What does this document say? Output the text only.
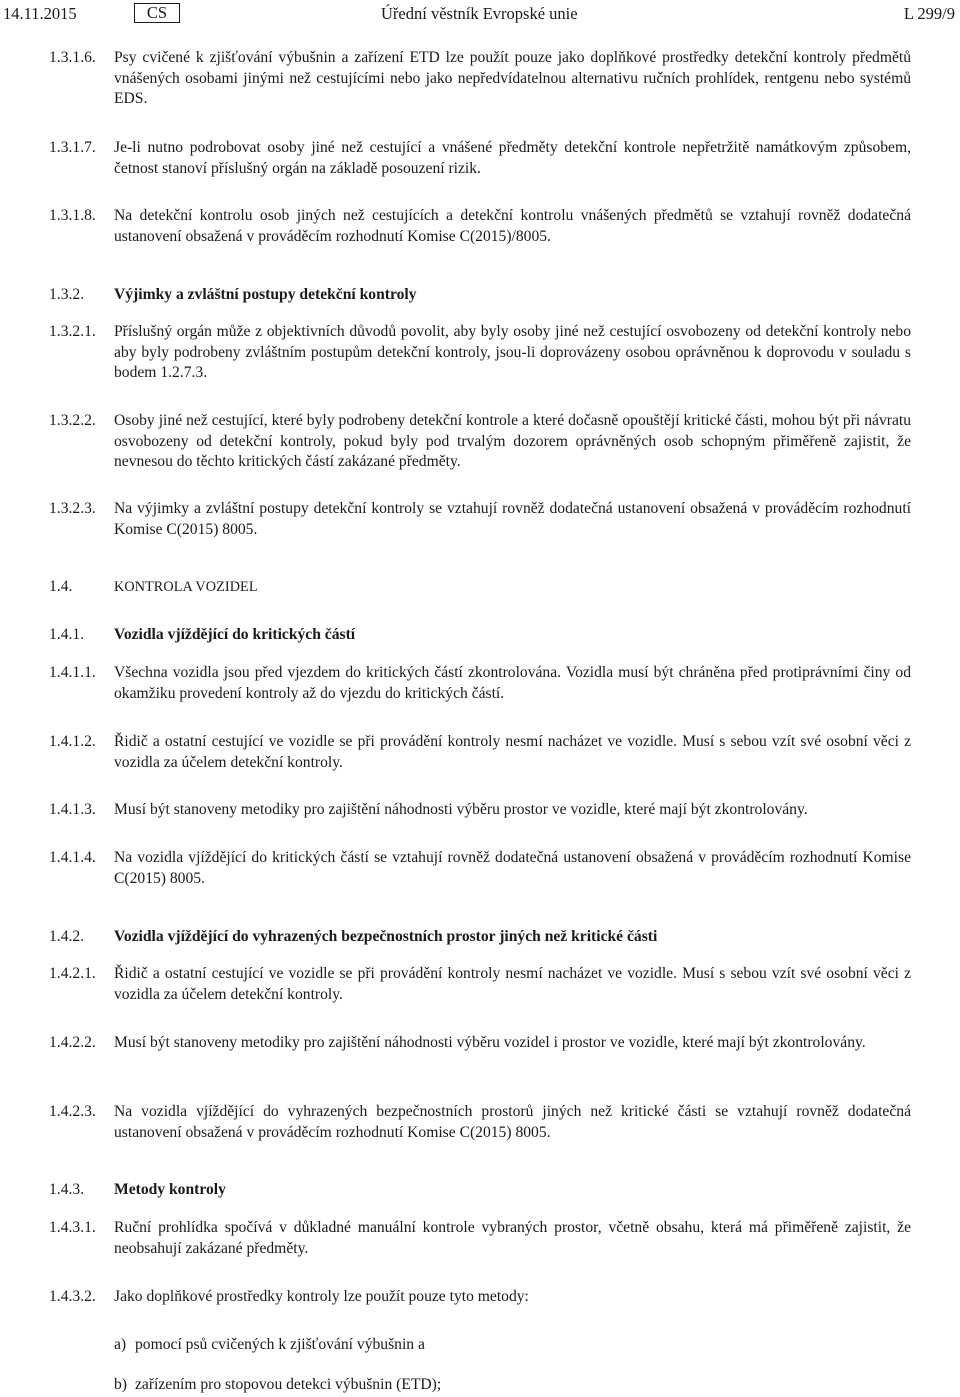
14.11.2015	CS	Úřední věstník Evropské unie	L 299/9
1.3.1.6. Psy cvičené k zjišťování výbušnin a zařízení ETD lze použít pouze jako doplňkové prostředky detekční kontroly předmětů vnášených osobami jinými než cestujícími nebo jako nepředvídatelnou alternativu ručních prohlídek, rentgenu nebo systémů EDS.
1.3.1.7. Je-li nutno podrobovat osoby jiné než cestující a vnášené předměty detekční kontrole nepřetržitě namátkovým způsobem, četnost stanoví příslušný orgán na základě posouzení rizik.
1.3.1.8. Na detekční kontrolu osob jiných než cestujících a detekční kontrolu vnášených předmětů se vztahují rovněž dodatečná ustanovení obsažená v prováděcím rozhodnutí Komise C(2015)/8005.
1.3.2. Výjimky a zvláštní postupy detekční kontroly
1.3.2.1. Příslušný orgán může z objektivních důvodů povolit, aby byly osoby jiné než cestující osvobozeny od detekční kontroly nebo aby byly podrobeny zvláštním postupům detekční kontroly, jsou-li doprovázeny osobou oprávněnou k doprovodu v souladu s bodem 1.2.7.3.
1.3.2.2. Osoby jiné než cestující, které byly podrobeny detekční kontrole a které dočasně opouštějí kritické části, mohou být při návratu osvobozeny od detekční kontroly, pokud byly pod trvalým dozorem oprávněných osob schopným přiměřeně zajistit, že nevnesou do těchto kritických částí zakázané předměty.
1.3.2.3. Na výjimky a zvláštní postupy detekční kontroly se vztahují rovněž dodatečná ustanovení obsažená v prováděcím rozhodnutí Komise C(2015) 8005.
1.4.	KONTROLA VOZIDEL
1.4.1. Vozidla vjíždějící do kritických částí
1.4.1.1. Všechna vozidla jsou před vjezdem do kritických částí zkontrolována. Vozidla musí být chráněna před protiprávními činy od okamžiku provedení kontroly až do vjezdu do kritických částí.
1.4.1.2. Řidič a ostatní cestující ve vozidle se při provádění kontroly nesmí nacházet ve vozidle. Musí s sebou vzít své osobní věci z vozidla za účelem detekční kontroly.
1.4.1.3. Musí být stanoveny metodiky pro zajištění náhodnosti výběru prostor ve vozidle, které mají být zkontrolovány.
1.4.1.4. Na vozidla vjíždějící do kritických částí se vztahují rovněž dodatečná ustanovení obsažená v prováděcím rozhodnutí Komise C(2015) 8005.
1.4.2. Vozidla vjíždějící do vyhrazených bezpečnostních prostor jiných než kritické části
1.4.2.1. Řidič a ostatní cestující ve vozidle se při provádění kontroly nesmí nacházet ve vozidle. Musí s sebou vzít své osobní věci z vozidla za účelem detekční kontroly.
1.4.2.2. Musí být stanoveny metodiky pro zajištění náhodnosti výběru vozidel i prostor ve vozidle, které mají být zkontrolovány.
1.4.2.3. Na vozidla vjíždějící do vyhrazených bezpečnostních prostorů jiných než kritické části se vztahují rovněž dodatečná ustanovení obsažená v prováděcím rozhodnutí Komise C(2015) 8005.
1.4.3. Metody kontroly
1.4.3.1. Ruční prohlídka spočívá v důkladné manuální kontrole vybraných prostor, včetně obsahu, která má přiměřeně zajistit, že neobsahují zakázané předměty.
1.4.3.2. Jako doplňkové prostředky kontroly lze použít pouze tyto metody:
a) pomocí psů cvičených k zjišťování výbušnin a
b) zařízením pro stopovou detekci výbušnin (ETD);
